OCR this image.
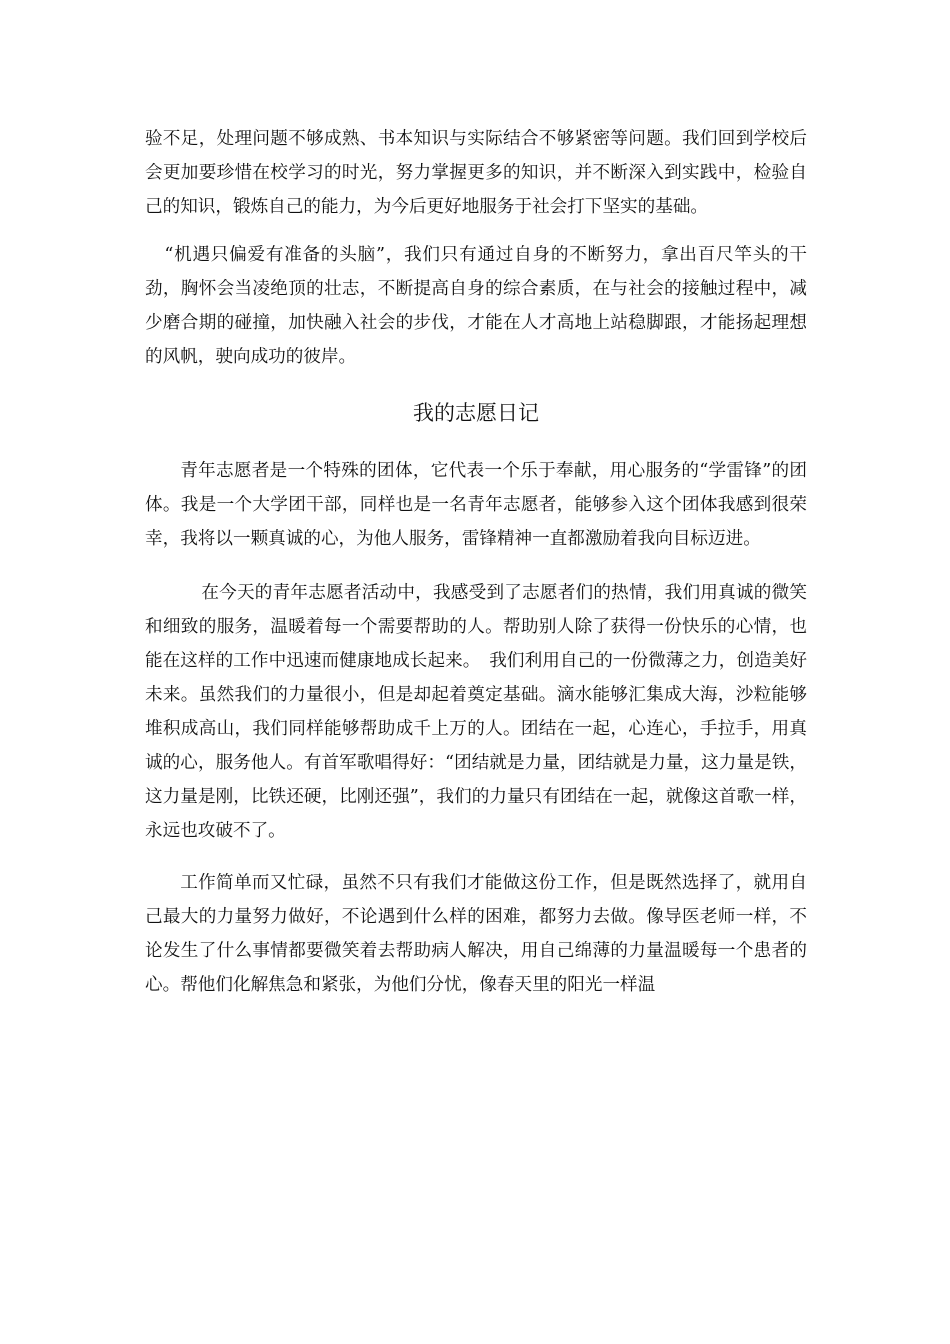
验不足，处理问题不够成熟、书本知识与实际结合不够紧密等问题。我们回到学校后会更加要珍惜在校学习的时光，努力掌握更多的知识，并不断深入到实践中，检验自己的知识，锻炼自己的能力，为今后更好地服务于社会打下坚实的基础。

“机遇只偏爱有准备的头脑”，我们只有通过自身的不断努力，拿出百尺竿头的干劲，胸怀会当凌绝顶的壮志，不断提高自身的综合素质，在与社会的接触过程中，减少磨合期的碰撞，加快融入社会的步伐，才能在人才高地上站稳脚跟，才能扬起理想的风帆，驶向成功的彼岸。

我的志愿日记

青年志愿者是一个特殊的团体，它代表一个乐于奉献，用心服务的“学雷锋”的团体。我是一个大学团干部，同样也是一名青年志愿者，能够参入这个团体我感到很荣幸，我将以一颗真诚的心，为他人服务，雷锋精神一直都激励着我向目标迈进。

在今天的青年志愿者活动中，我感受到了志愿者们的热情，我们用真诚的微笑和细致的服务，温暖着每一个需要帮助的人。帮助别人除了获得一份快乐的心情，也能在这样的工作中迅速而健康地成长起来。　我们利用自己的一份微薄之力，创造美好未来。虽然我们的力量很小，但是却起着奠定基础。滴水能够汇集成大海，沙粒能够堆积成高山，我们同样能够帮助成千上万的人。团结在一起，心连心，手拉手，用真诚的心，服务他人。有首军歌唱得好：“团结就是力量，团结就是力量，这力量是铁，这力量是刚，比铁还硬，比刚还强”，我们的力量只有团结在一起，就像这首歌一样，永远也攻破不了。

工作简单而又忙碌，虽然不只有我们才能做这份工作，但是既然选择了，就用自己最大的力量努力做好，不论遇到什么样的困难，都努力去做。像导医老师一样，不论发生了什么事情都要微笑着去帮助病人解决，用自己绵薄的力量温暖每一个患者的心。帮他们化解焦急和紧张，为他们分忧，像春天里的阳光一样温
